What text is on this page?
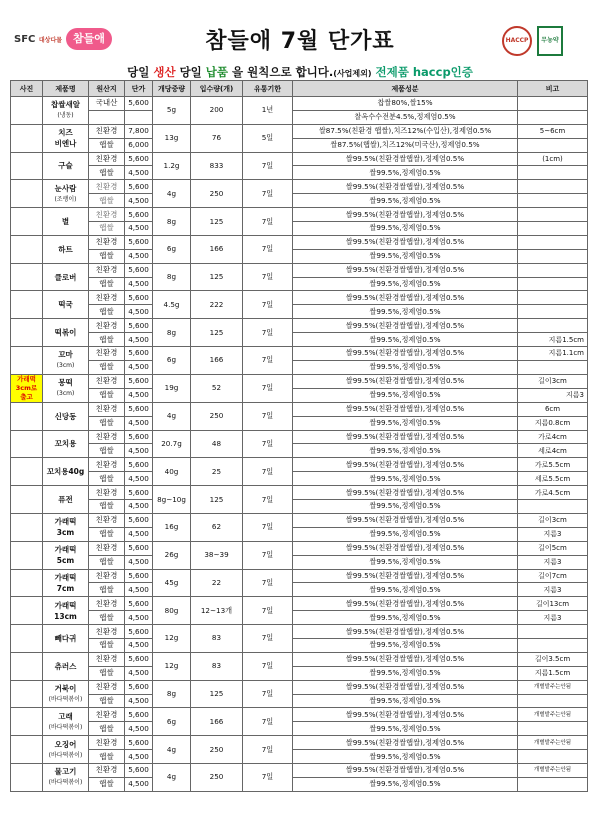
SFC 대상다물	참들애	참들애 7월 단가표	HACCP	무농약
당일 생산 당일 납품 을 원칙으로 합니다.(사업제외) 전제품 haccp인증
사진	제품명	원산지	단가	개당중량	입수량(개)	유통기한	제품성분	비고
	찹쌀새알
(냉동)	국내산	5,600	5g	200	1년	찹쌀80%,쌀15%	
							찰옥수수전분4.5%,정제염0.5%	
	치즈
비엔나	친환경	7,800	13g	76	5일	쌀87.5%(친환경 햅쌀),치즈12%(수입산),정제염0.5%	5~6cm
		햅쌀	6,000				쌀87.5%(햅쌀),치즈12%(미국산),정제염0.5%	
	구슬	친환경	5,600	1.2g	833	7일	쌀99.5%(친환경쌀햅쌀),정제염0.5%	(1cm)
		햅쌀	4,500				쌀99.5%,정제염0.5%	
	눈사람
(조랭이)	친환경	5,600	4g	250	7일	쌀99.5%(친환경쌀햅쌀),정제염0.5%	
		햅쌀	4,500				쌀99.5%,정제염0.5%	
	별	친환경	5,600	8g	125	7일	쌀99.5%(친환경쌀햅쌀),정제염0.5%	
		햅쌀	4,500				쌀99.5%,정제염0.5%	
	하트	친환경	5,600	6g	166	7일	쌀99.5%(친환경쌀햅쌀),정제염0.5%	
		햅쌀	4,500				쌀99.5%,정제염0.5%	
	클로버	친환경	5,600	8g	125	7일	쌀99.5%(친환경쌀햅쌀),정제염0.5%	
		햅쌀	4,500				쌀99.5%,정제염0.5%	
	떡국	친환경	5,600	4.5g	222	7일	쌀99.5%(친환경쌀햅쌀),정제염0.5%	
		햅쌀	4,500				쌀99.5%,정제염0.5%	
	떡볶이	친환경	5,600	8g	125	7일	쌀99.5%(친환경쌀햅쌀),정제염0.5%	
		햅쌀	4,500				쌀99.5%,정제염0.5%	지름1.5cm
	꼬마
(3cm)	친환경	5,600	6g	166	7일	쌀99.5%(친환경쌀햅쌀),정제염0.5%	지름1.1cm
		햅쌀	4,500				쌀99.5%,정제염0.5%	
가래떡
3cm로
출고	몽떡
(3cm)	친환경	5,600	19g	52	7일	쌀99.5%(친환경쌀햅쌀),정제염0.5%	길이3cm
		햅쌀	4,500				쌀99.5%,정제염0.5%	지름3
	신당동	친환경	5,600	4g	250	7일	쌀99.5%(친환경쌀햅쌀),정제염0.5%	6cm
		햅쌀	4,500				쌀99.5%,정제염0.5%	지름0.8cm
	꼬치용	친환경	5,600	20.7g	48	7일	쌀99.5%(친환경쌀햅쌀),정제염0.5%	가로4cm
		햅쌀	4,500				쌀99.5%,정제염0.5%	세로4cm
	꼬치용40g	친환경	5,600	40g	25	7일	쌀99.5%(친환경쌀햅쌀),정제염0.5%	가로5.5cm
		햅쌀	4,500				쌀99.5%,정제염0.5%	세로5.5cm
	퓨전	친환경	5,600	8g~10g	125	7일	쌀99.5%(친환경쌀햅쌀),정제염0.5%	가로4.5cm
		햅쌀	4,500				쌀99.5%,정제염0.5%	
	가래떡
3cm	친환경	5,600	16g	62	7일	쌀99.5%(친환경쌀햅쌀),정제염0.5%	길이3cm
		햅쌀	4,500				쌀99.5%,정제염0.5%	지름3
	가래떡
5cm	친환경	5,600	26g	38~39	7일	쌀99.5%(친환경쌀햅쌀),정제염0.5%	길이5cm
		햅쌀	4,500				쌀99.5%,정제염0.5%	지름3
	가래떡
7cm	친환경	5,600	45g	22	7일	쌀99.5%(친환경쌀햅쌀),정제염0.5%	길이7cm
		햅쌀	4,500				쌀99.5%,정제염0.5%	지름3
	가래떡
13cm	친환경	5,600	80g	12~13개	7일	쌀99.5%(친환경쌀햅쌀),정제염0.5%	길이13cm
		햅쌀	4,500				쌀99.5%,정제염0.5%	지름3
	빼다귀	친환경	5,600	12g	83	7일	쌀99.5%(친환경쌀햅쌀),정제염0.5%	
		햅쌀	4,500				쌀99.5%,정제염0.5%	
	츄러스	친환경	5,600	12g	83	7일	쌀99.5%(친환경쌀햅쌀),정제염0.5%	길이3.5cm
		햅쌀	4,500				쌀99.5%,정제염0.5%	지름1.5cm
	거북이
(바다떡볶이)	친환경	5,600	8g	125	7일	쌀99.5%(친환경쌀햅쌀),정제염0.5%	개별발주는안됨
		햅쌀	4,500				쌀99.5%,정제염0.5%	
	고래
(바다떡볶이)	친환경	5,600	6g	166	7일	쌀99.5%(친환경쌀햅쌀),정제염0.5%	개별발주는안됨
		햅쌀	4,500				쌀99.5%,정제염0.5%	
	오징어
(바다떡볶이)	친환경	5,600	4g	250	7일	쌀99.5%(친환경쌀햅쌀),정제염0.5%	개별발주는안됨
		햅쌀	4,500				쌀99.5%,정제염0.5%	
	물고기
(바다떡볶이)	친환경	5,600	4g	250	7일	쌀99.5%(친환경쌀햅쌀),정제염0.5%	개별발주는안됨
		햅쌀	4,500				쌀99.5%,정제염0.5%	
